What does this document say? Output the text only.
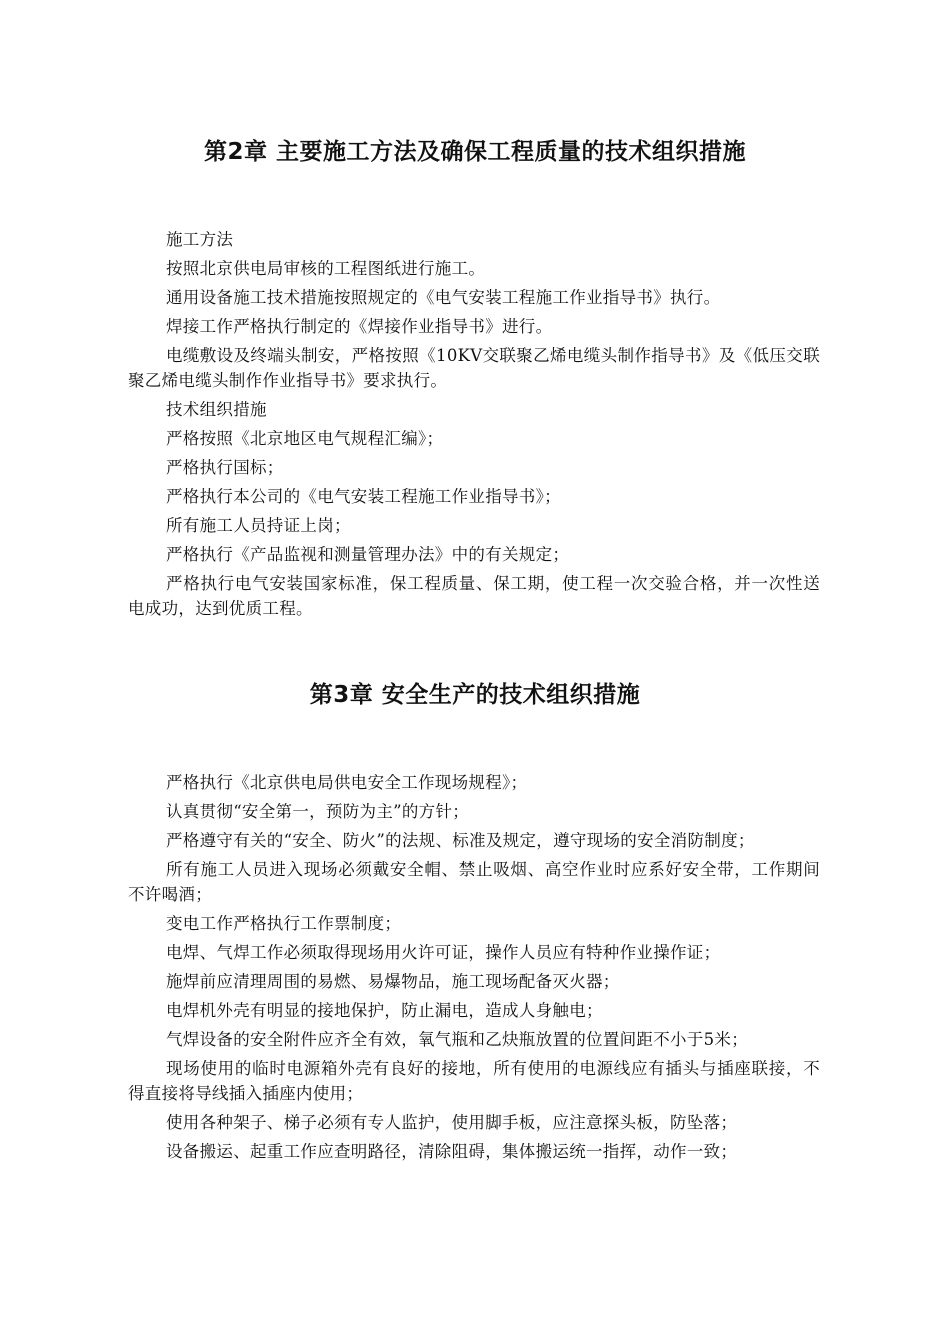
第2章 主要施工方法及确保工程质量的技术组织措施

施工方法

按照北京供电局审核的工程图纸进行施工。

通用设备施工技术措施按照规定的《电气安装工程施工作业指导书》执行。

焊接工作严格执行制定的《焊接作业指导书》进行。

电缆敷设及终端头制安，严格按照《10KV交联聚乙烯电缆头制作指导书》及《低压交联聚乙烯电缆头制作作业指导书》要求执行。

技术组织措施

严格按照《北京地区电气规程汇编》；

严格执行国标；

严格执行本公司的《电气安装工程施工作业指导书》；

所有施工人员持证上岗；

严格执行《产品监视和测量管理办法》中的有关规定；

严格执行电气安装国家标准，保工程质量、保工期，使工程一次交验合格，并一次性送电成功，达到优质工程。

第3章 安全生产的技术组织措施

严格执行《北京供电局供电安全工作现场规程》；

认真贯彻“安全第一，预防为主”的方针；

严格遵守有关的“安全、防火”的法规、标准及规定，遵守现场的安全消防制度；

所有施工人员进入现场必须戴安全帽、禁止吸烟、高空作业时应系好安全带，工作期间不许喝酒；

变电工作严格执行工作票制度；

电焊、气焊工作必须取得现场用火许可证，操作人员应有特种作业操作证；

施焊前应清理周围的易燃、易爆物品，施工现场配备灭火器；

电焊机外壳有明显的接地保护，防止漏电，造成人身触电；

气焊设备的安全附件应齐全有效，氧气瓶和乙炔瓶放置的位置间距不小于5米；

现场使用的临时电源箱外壳有良好的接地，所有使用的电源线应有插头与插座联接，不得直接将导线插入插座内使用；

使用各种架子、梯子必须有专人监护，使用脚手板，应注意探头板，防坠落；

设备搬运、起重工作应查明路径，清除阻碍，集体搬运统一指挥，动作一致；
